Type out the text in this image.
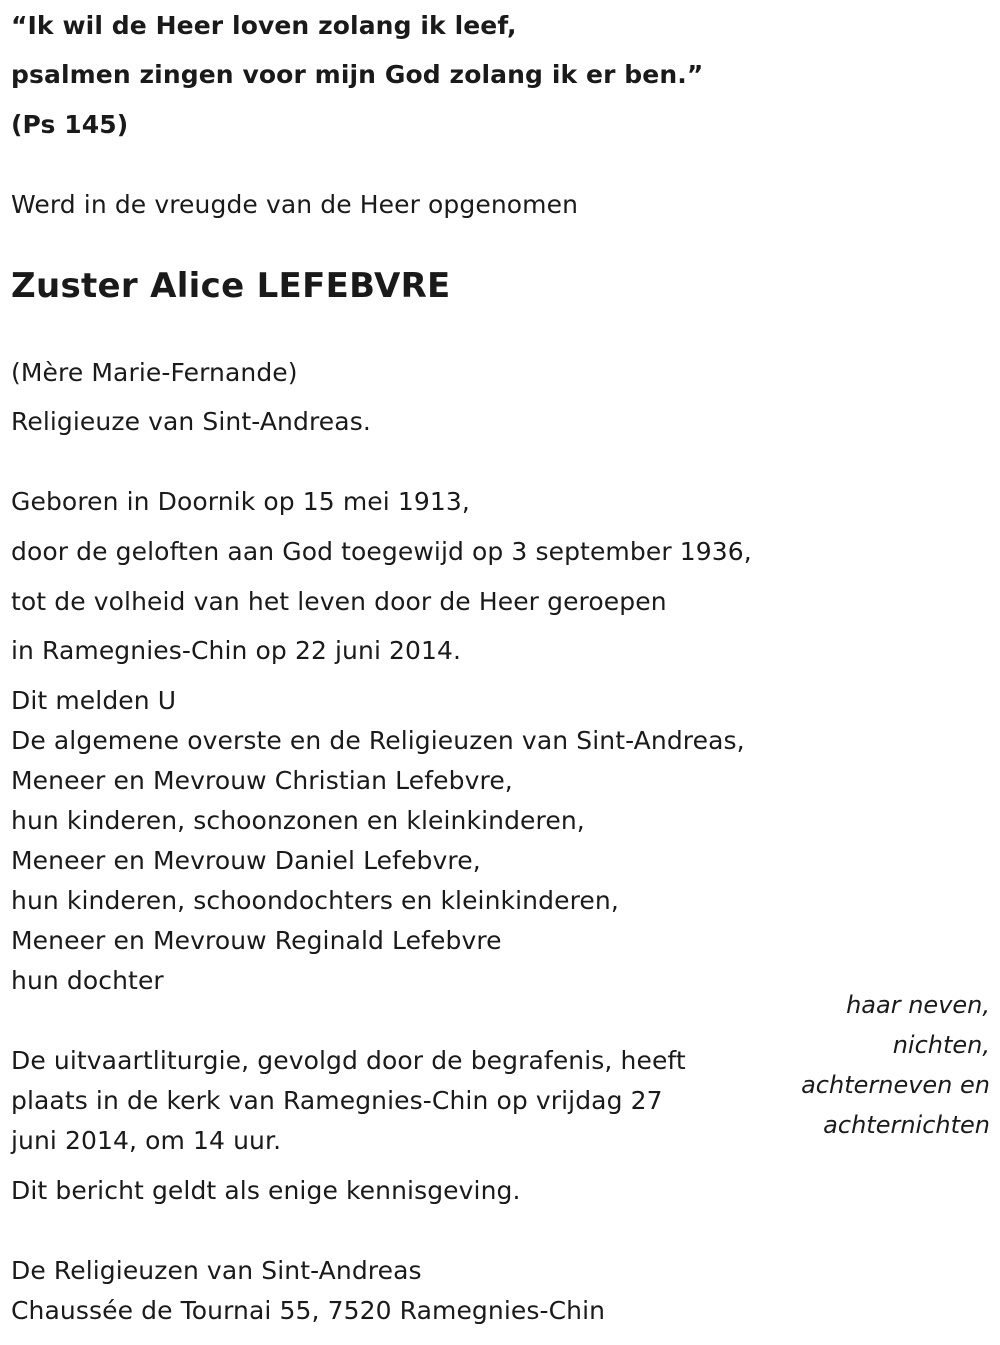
“Ik wil de Heer loven zolang ik leef,
psalmen zingen voor mijn God zolang ik er ben.”
(Ps 145)
Werd in de vreugde van de Heer opgenomen
Zuster Alice LEFEBVRE
(Mère Marie-Fernande)
Religieuze van Sint-Andreas.
Geboren in Doornik op 15 mei 1913,
door de geloften aan God toegewijd op 3 september 1936,
tot de volheid van het leven door de Heer geroepen
in Ramegnies-Chin op 22 juni 2014.
Dit melden U
De algemene overste en de Religieuzen van Sint-Andreas,
Meneer en Mevrouw Christian Lefebvre,
hun kinderen, schoonzonen en kleinkinderen,
Meneer en Mevrouw Daniel Lefebvre,
hun kinderen, schoondochters en kleinkinderen,
Meneer en Mevrouw Reginald Lefebvre
hun dochter
haar neven,
nichten,
achterneven en
achternichten
De uitvaartliturgie, gevolgd door de begrafenis, heeft
plaats in de kerk van Ramegnies-Chin op vrijdag 27
juni 2014, om 14 uur.
Dit bericht geldt als enige kennisgeving.
De Religieuzen van Sint-Andreas
Chaussée de Tournai 55, 7520 Ramegnies-Chin
